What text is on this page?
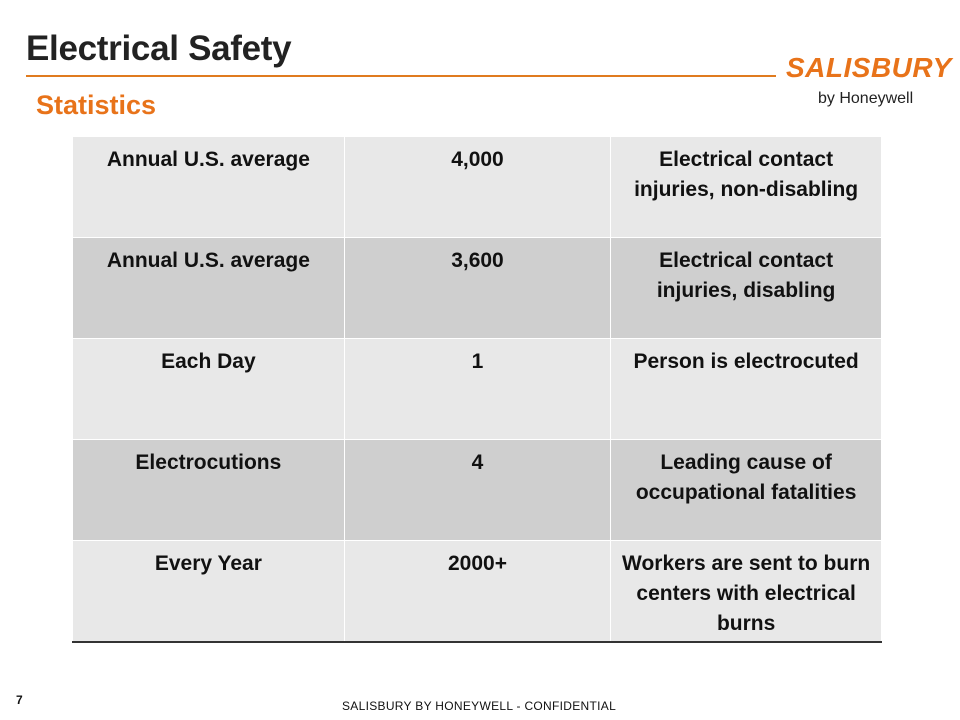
Electrical Safety
Statistics
SALISBURY
by Honeywell
Annual U.S. average	4,000	Electrical contact injuries, non-disabling
Annual U.S. average	3,600	Electrical contact injuries, disabling
Each Day	1	Person is electrocuted
Electrocutions	4	Leading cause of occupational fatalities
Every Year	2000+	Workers are sent to burn centers with electrical burns
7	SALISBURY BY HONEYWELL - CONFIDENTIAL
